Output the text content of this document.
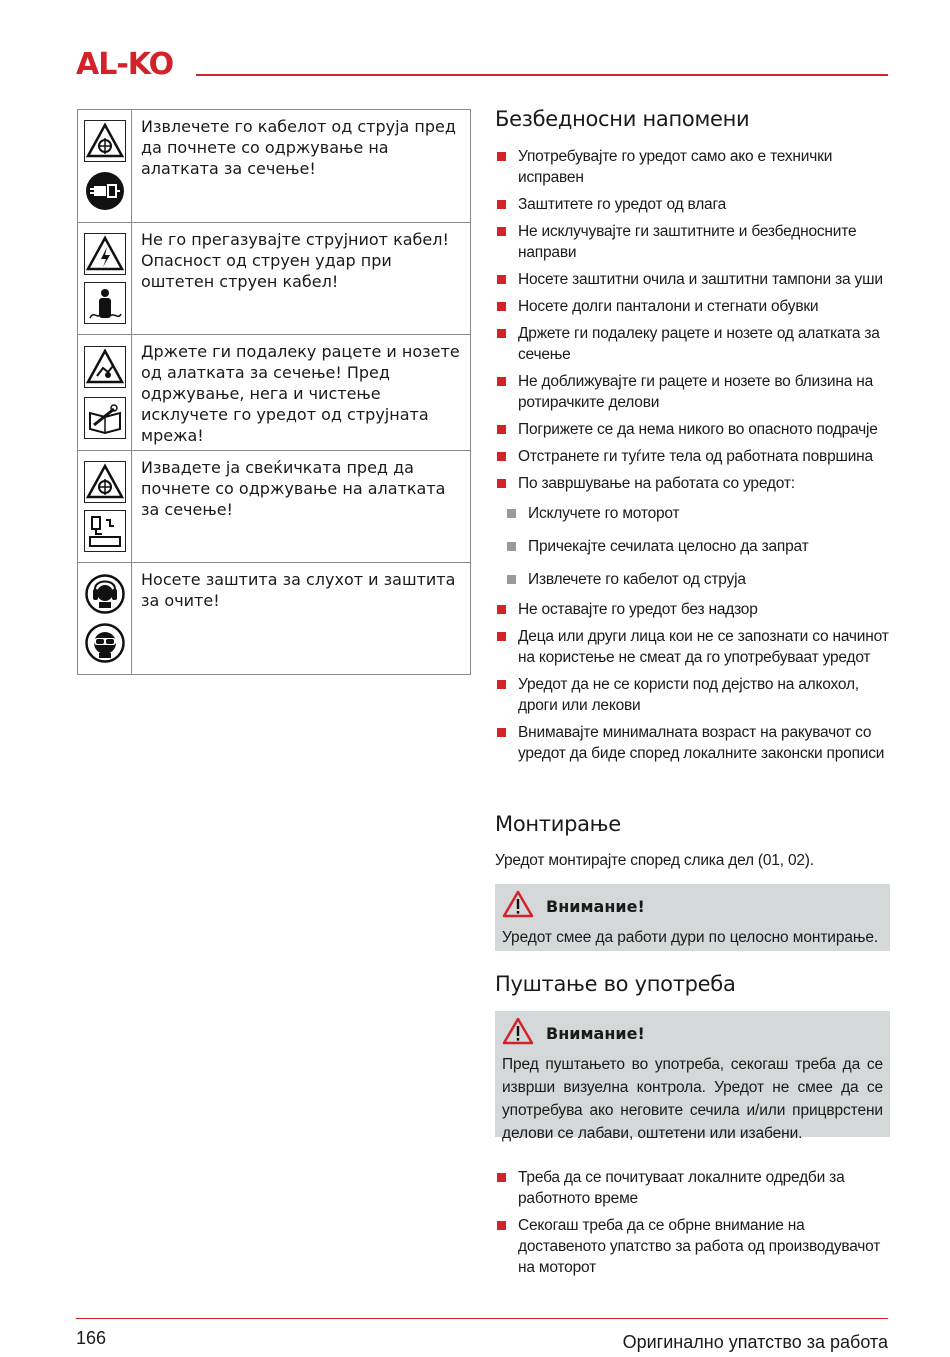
AL-KO
Извлечете го кабелот од струја пред да почнете со одржување на алатката за сечење!
Не го прегазувајте струјниот кабел! Опасност од струен удар при оштетен струен кабел!
Држете ги подалеку рацете и нозете од алатката за сечење! Пред одржување, нега и чистење исклучете го уредот од струјната мрежа!
Извадете ја свеќичката пред да почнете со одржување на алатката за сечење!
Носете заштита за слухот и заштита за очите!
Безбедносни напомени
Употребувајте го уредот само ако е технички исправен
Заштитете го уредот од влага
Не исклучувајте ги заштитните и безбедносните направи
Носете заштитни очила и заштитни тампони за уши
Носете долги панталони и стегнати обувки
Држете ги подалеку рацете и нозете од алатката за сечење
Не доближувајте ги рацете и нозете во близина на ротирачките делови
Погрижете се да нема никого во опасното подрачје
Отстранете ги туѓите тела од работната површина
По завршување на работата со уредот:
Исклучете го моторот
Причекајте сечилата целосно да запрат
Извлечете го кабелот од струја
Не оставајте го уредот без надзор
Деца или други лица кои не се запознати со начинот на користење не смеат да го употребуваат уредот
Уредот да не се користи под дејство на алкохол, дроги или лекови
Внимавајте минималната возраст на ракувачот со уредот да биде според локалните законски прописи
Монтирање

Уредот монтирајте според слика дел (01, 02).

Внимание!
Уредот смее да работи дури по целосно монтирање.
Пуштање во употреба
Внимание!
Пред пуштањето во употреба, секогаш треба да се изврши визуелна контрола. Уредот не смее да се употребува ако неговите сечила и/или прицврстени делови се лабави, оштетени или изабени.
Треба да се почитуваат локалните одредби за работното време
Секогаш треба да се обрне внимание на доставеното упатство за работа од производувачот на моторот
166	Оригинално упатство за работа
